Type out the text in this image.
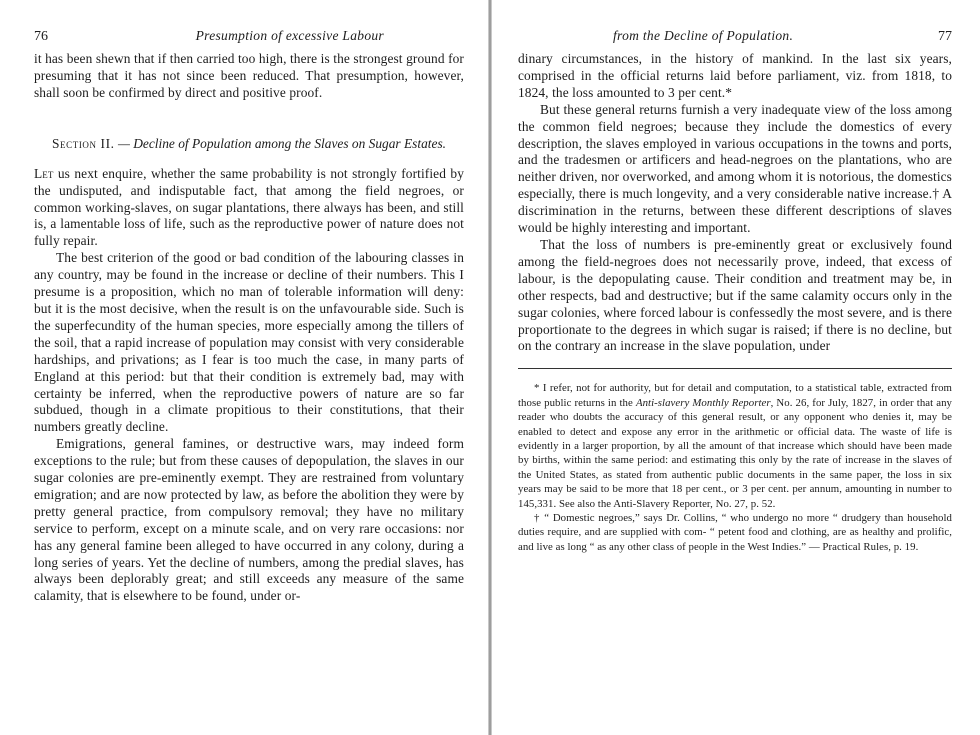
76	Presumption of excessive Labour

it has been shewn that if then carried too high, there is the strongest ground for presuming that it has not since been reduced. That presumption, however, shall soon be confirmed by direct and positive proof.

Section II. — Decline of Population among the Slaves on Sugar Estates.

Let us next enquire, whether the same probability is not strongly fortified by the undisputed, and indisputable fact, that among the field negroes, or common working-slaves, on sugar plantations, there always has been, and still is, a lamentable loss of life, such as the reproductive power of nature does not fully repair.

The best criterion of the good or bad condition of the labouring classes in any country, may be found in the increase or decline of their numbers. This I presume is a proposition, which no man of tolerable information will deny: but it is the most decisive, when the result is on the unfavourable side. Such is the superfecundity of the human species, more especially among the tillers of the soil, that a rapid increase of population may consist with very considerable hardships, and privations; as I fear is too much the case, in many parts of England at this period: but that their condition is extremely bad, may with certainty be inferred, when the reproductive powers of nature are so far subdued, though in a climate propitious to their constitutions, that their numbers greatly decline.

Emigrations, general famines, or destructive wars, may indeed form exceptions to the rule; but from these causes of depopulation, the slaves in our sugar colonies are pre-eminently exempt. They are restrained from voluntary emigration; and are now protected by law, as before the abolition they were by pretty general practice, from compulsory removal; they have no military service to perform, except on a minute scale, and on very rare occasions: nor has any general famine been alleged to have occurred in any colony, during a long series of years. Yet the decline of numbers, among the predial slaves, has always been deplorably great; and still exceeds any measure of the same calamity, that is elsewhere to be found, under or-

from the Decline of Population.	77

dinary circumstances, in the history of mankind. In the last six years, comprised in the official returns laid before parliament, viz. from 1818, to 1824, the loss amounted to 3 per cent.*

But these general returns furnish a very inadequate view of the loss among the common field negroes; because they include the domestics of every description, the slaves employed in various occupations in the towns and ports, and the tradesmen or artificers and head-negroes on the plantations, who are neither driven, nor overworked, and among whom it is notorious, the domestics especially, there is much longevity, and a very considerable native increase.† A discrimination in the returns, between these different descriptions of slaves would be highly interesting and important.

That the loss of numbers is pre-eminently great or exclusively found among the field-negroes does not necessarily prove, indeed, that excess of labour, is the depopulating cause. Their condition and treatment may be, in other respects, bad and destructive; but if the same calamity occurs only in the sugar colonies, where forced labour is confessedly the most severe, and is there proportionate to the degrees in which sugar is raised; if there is no decline, but on the contrary an increase in the slave population, under

* I refer, not for authority, but for detail and computation, to a statistical table, extracted from those public returns in the Anti-slavery Monthly Reporter, No. 26, for July, 1827, in order that any reader who doubts the accuracy of this general result, or any opponent who denies it, may be enabled to detect and expose any error in the arithmetic or official data. The waste of life is evidently in a larger proportion, by all the amount of that increase which should have been made by births, within the same period: and estimating this only by the rate of increase in the slaves of the United States, as stated from authentic public documents in the same paper, the loss in six years may be said to be more that 18 per cent., or 3 per cent. per annum, amounting in number to 145,331. See also the Anti-Slavery Reporter, No. 27, p. 52.

† “ Domestic negroes,” says Dr. Collins, “ who undergo no more “ drudgery than household duties require, and are supplied with com- “ petent food and clothing, are as healthy and prolific, and live as long “ as any other class of people in the West Indies.” — Practical Rules, p. 19.
